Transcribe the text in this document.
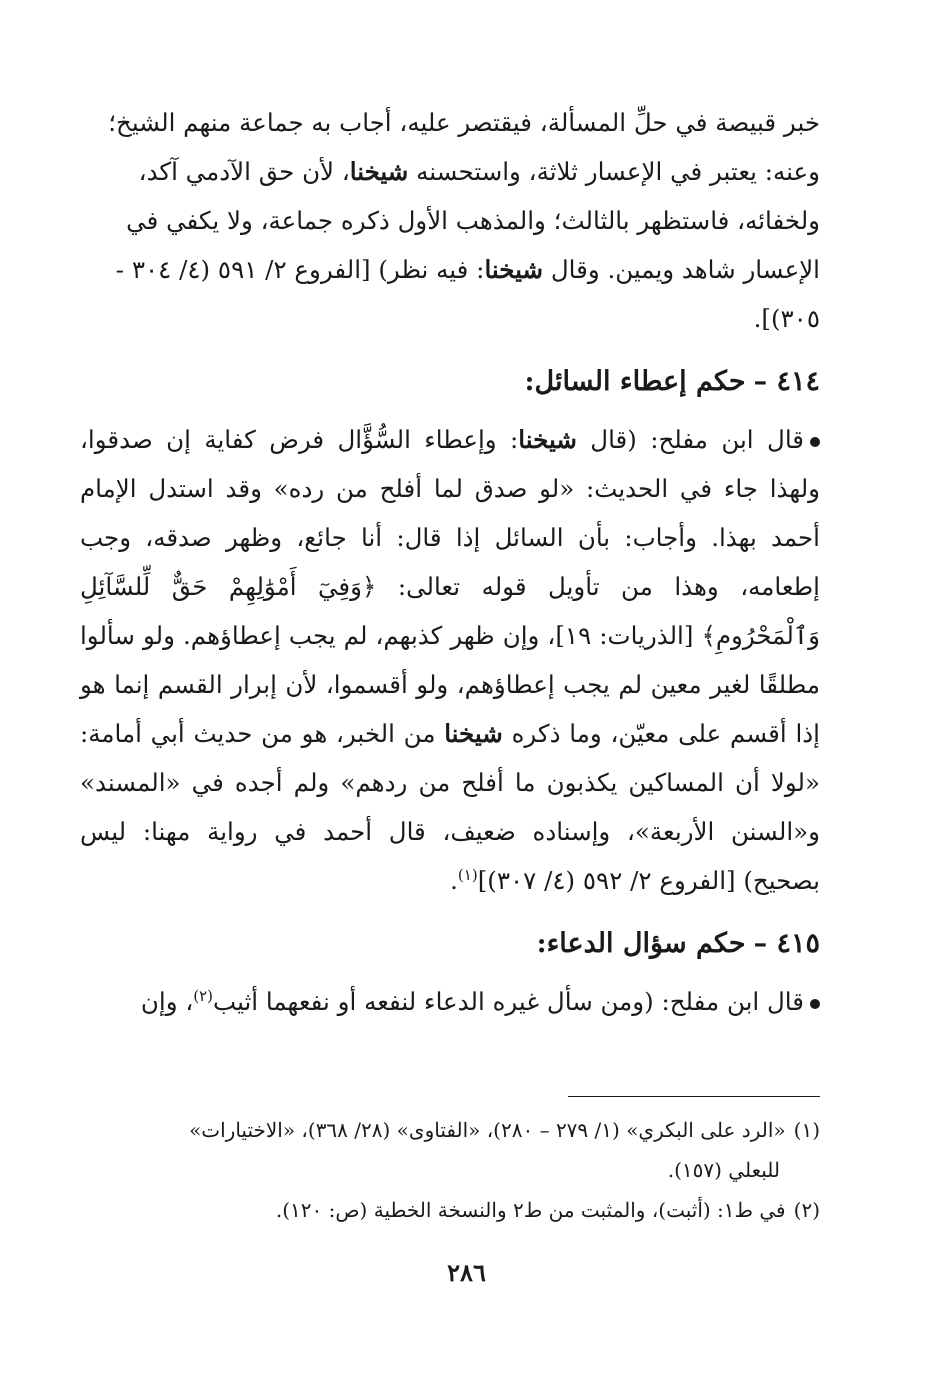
خبر قبيصة في حلِّ المسألة، فيقتصر عليه، أجاب به جماعة منهم الشيخ؛

وعنه: يعتبر في الإعسار ثلاثة، واستحسنه شيخنا، لأن حق الآدمي آكد،

ولخفائه، فاستظهر بالثالث؛ والمذهب الأول ذكره جماعة، ولا يكفي في

الإعسار شاهد ويمين. وقال شيخنا: فيه نظر) [الفروع ٢/ ٥٩١ (٤/ ٣٠٤ -

٣٠٥)].

٤١٤ –حكم إعطاء السائل:

قال ابن مفلح: (قال شيخنا: وإعطاء السُّؤَّال فرض كفاية إن صدقوا، ولهذا جاء في الحديث: «لو صدق لما أفلح من رده» وقد استدل الإمام أحمد بهذا. وأجاب: بأن السائل إذا قال: أنا جائع، وظهر صدقه، وجب إطعامه، وهذا من تأويل قوله تعالى: ﴿وَفِيٓ أَمْوَٰلِهِمْ حَقٌّ لِّلسَّآئِلِ وَٱلْمَحْرُومِ﴾ [الذريات: ١٩]، وإن ظهر كذبهم، لم يجب إعطاؤهم. ولو سألوا مطلقًا لغير معين لم يجب إعطاؤهم، ولو أقسموا، لأن إبرار القسم إنما هو إذا أقسم على معيّن، وما ذكره شيخنا من الخبر، هو من حديث أبي أمامة: «لولا أن المساكين يكذبون ما أفلح من ردهم» ولم أجده في «المسند» و«السنن الأربعة»، وإسناده ضعيف، قال أحمد في رواية مهنا: ليس بصحيح) [الفروع ٢/ ٥٩٢ (٤/ ٣٠٧)]$^{(١)}$.

٤١٥ –حكم سؤال الدعاء:

قال ابن مفلح: (ومن سأل غيره الدعاء لنفعه أو نفعهما أثيب$^{(٢)}$، وإن

(١)«الرد على البكري» (١/ ٢٧٩ – ٢٨٠)، «الفتاوى» (٢٨/ ٣٦٨)، «الاختيارات»

للبعلي (١٥٧).

(٢)في ط١: (أثبت)، والمثبت من ط٢ والنسخة الخطية (ص: ١٢٠).

٢٨٦
